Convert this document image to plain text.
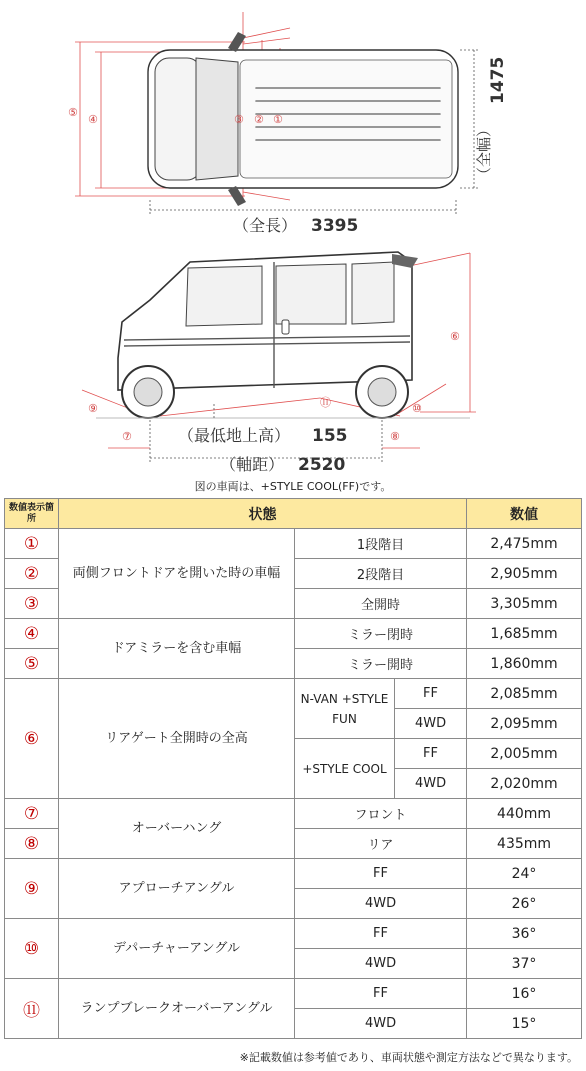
⑤
④	③ ② ①
（全長） 3395
（全幅）
1475
⑥
⑨	⑩
⑪
⑦	⑧
（最低地上高） 155
（軸距） 2520
図の車両は、+STYLE COOL(FF)です。
数値表示箇所	状態			数値
①	両側フロントドアを開いた時の車幅	1段階目		2,475mm
②		2段階目		2,905mm
③		全開時		3,305mm
④	ドアミラーを含む車幅	ミラー閉時		1,685mm
⑤		ミラー開時		1,860mm
⑥	リアゲート全開時の全高	N-VAN +STYLE FUN	FF	2,085mm
			4WD	2,095mm
		+STYLE COOL	FF	2,005mm
			4WD	2,020mm
⑦	オーバーハング	フロント		440mm
⑧		リア		435mm
⑨	アプローチアングル	FF		24°
		4WD		26°
⑩	デパーチャーアングル	FF		36°
		4WD		37°
⑪	ランプブレークオーバーアングル	FF		16°
		4WD		15°
※記載数値は参考値であり、車両状態や測定方法などで異なります。
